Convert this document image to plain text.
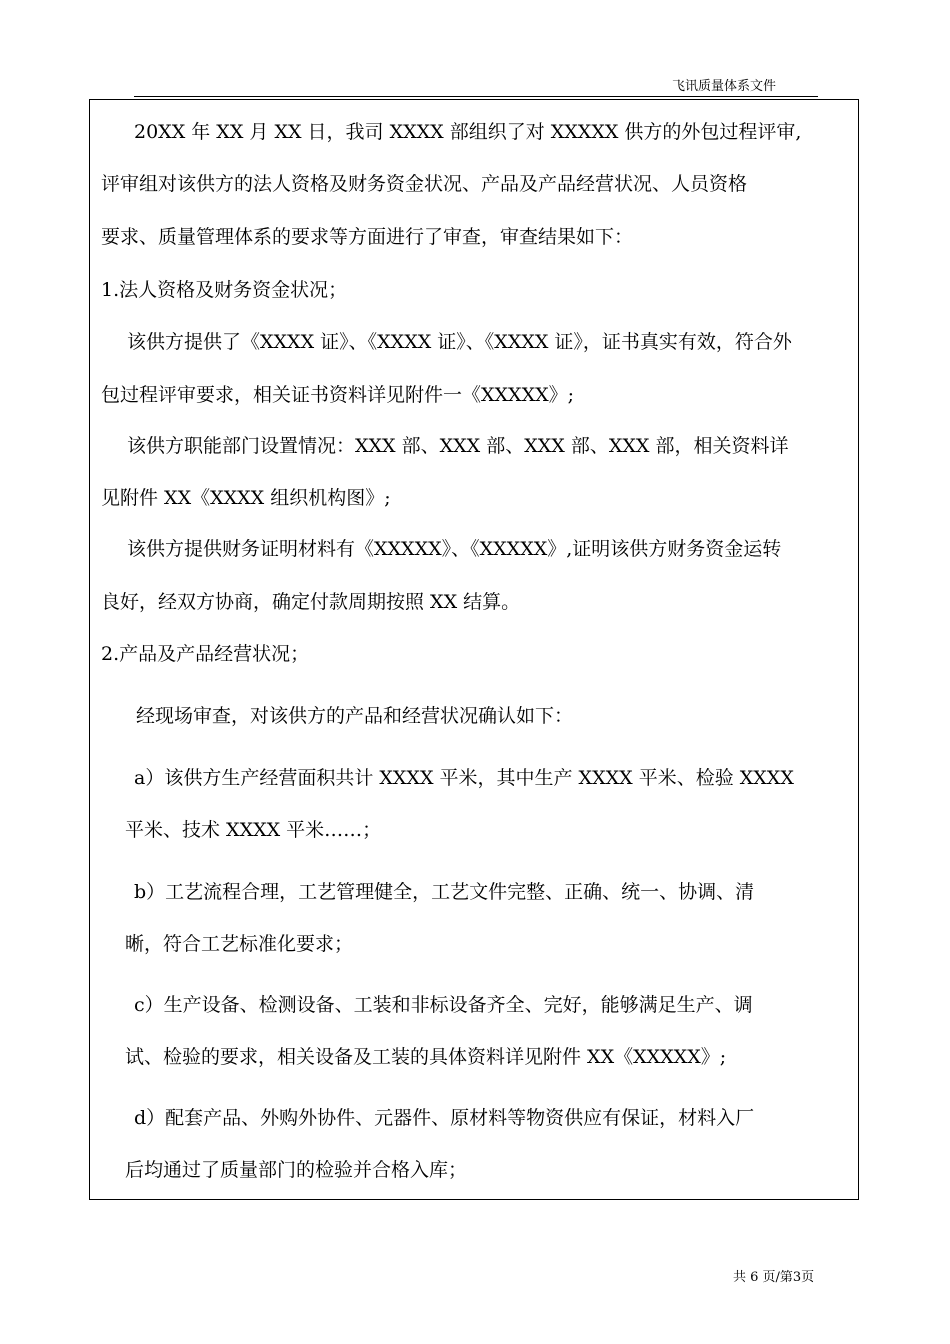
飞讯质量体系文件

20XX 年 XX 月 XX 日，我司 XXXX 部组织了对 XXXXX 供方的外包过程评审,

评审组对该供方的法人资格及财务资金状况、产品及产品经营状况、人员资格

要求、质量管理体系的要求等方面进行了审查，审查结果如下：

1.法人资格及财务资金状况；

该供方提供了《XXXX 证》、《XXXX 证》、《XXXX 证》，证书真实有效，符合外

包过程评审要求，相关证书资料详见附件一《XXXXX》;

该供方职能部门设置情况：XXX 部、XXX 部、XXX 部、XXX 部，相关资料详

见附件 XX《XXXX 组织机构图》;

该供方提供财务证明材料有《XXXXX》、《XXXXX》,证明该供方财务资金运转

良好，经双方协商，确定付款周期按照 XX 结算。

2.产品及产品经营状况；

经现场审查，对该供方的产品和经营状况确认如下：

a）该供方生产经营面积共计 XXXX 平米，其中生产 XXXX 平米、检验 XXXX

平米、技术 XXXX 平米……；

b）工艺流程合理，工艺管理健全，工艺文件完整、正确、统一、协调、清

晰，符合工艺标准化要求；

c）生产设备、检测设备、工装和非标设备齐全、完好，能够满足生产、调

试、检验的要求，相关设备及工装的具体资料详见附件 XX《XXXXX》;

d）配套产品、外购外协件、元器件、原材料等物资供应有保证，材料入厂

后均通过了质量部门的检验并合格入库；

共 6 页/第3页
